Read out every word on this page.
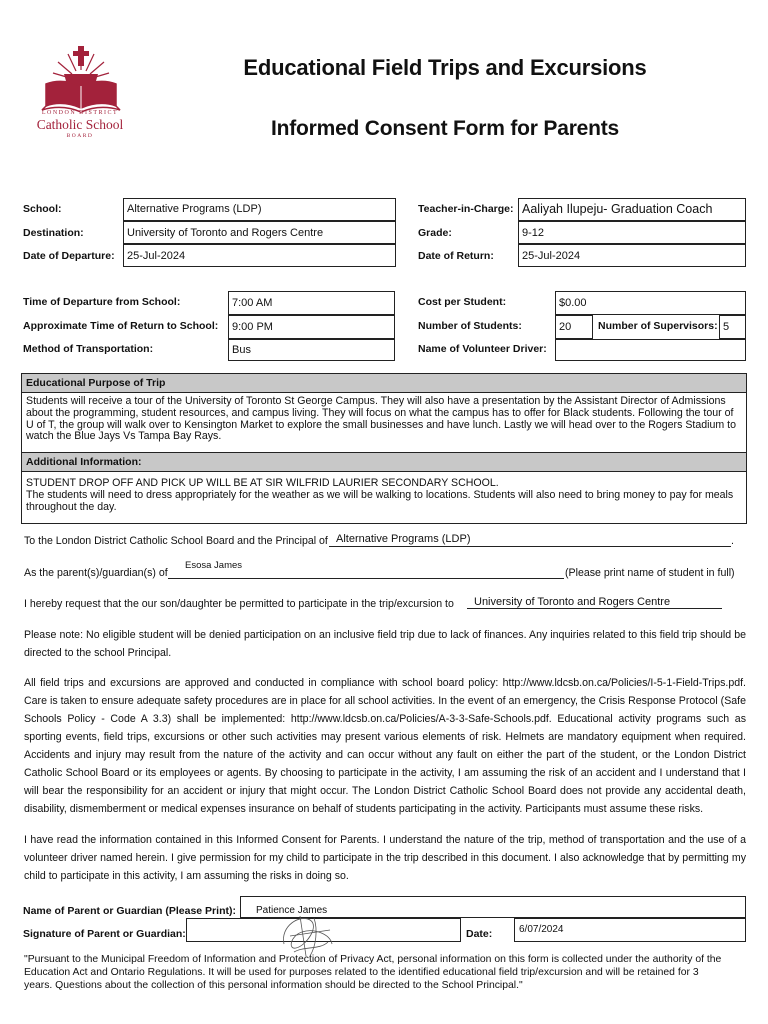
LONDON DISTRICT
Catholic School
BOARD
Educational Field Trips and Excursions
Informed Consent Form for Parents
School:	Alternative Programs (LDP)
Destination:	University of Toronto and Rogers Centre
Date of Departure: 25-Jul-2024
Teacher-in-Charge: Aaliyah Ilupeju- Graduation Coach
Grade:	9-12
Date of Return:	25-Jul-2024
Time of Departure from School:	7:00 AM
Approximate Time of Return to School: 9:00 PM
Method of Transportation:	Bus
Cost per Student:	$0.00
Number of Students:	20	Number of Supervisors: 5
Name of Volunteer Driver:
Educational Purpose of Trip
Students will receive a tour of the University of Toronto St George Campus. They will also have a presentation by the Assistant Director of Admissions about the programming, student resources, and campus living. They will focus on what the campus has to offer for Black students. Following the tour of U of T, the group will walk over to Kensington Market to explore the small businesses and have lunch. Lastly we will head over to the Rogers Stadium to watch the Blue Jays Vs Tampa Bay Rays.
Additional Information:
STUDENT DROP OFF AND PICK UP WILL BE AT SIR WILFRID LAURIER SECONDARY SCHOOL.
The students will need to dress appropriately for the weather as we will be walking to locations. Students will also need to bring money to pay for meals throughout the day.
To the London District Catholic School Board and the Principal of Alternative Programs (LDP)	.
As the parent(s)/guardian(s) of
Esosa James
(Please print name of student in full)
I hereby request that the our son/daughter be permitted to participate in the trip/excursion to University of Toronto and Rogers Centre
Please note: No eligible student will be denied participation on an inclusive field trip due to lack of finances. Any inquiries related to this field trip should be directed to the school Principal.
All field trips and excursions are approved and conducted in compliance with school board policy: http://www.ldcsb.on.ca/Policies/I-5-1-Field-Trips.pdf. Care is taken to ensure adequate safety procedures are in place for all school activities. In the event of an emergency, the Crisis Response Protocol (Safe Schools Policy - Code A 3.3) shall be implemented: http://www.ldcsb.on.ca/Policies/A-3-3-Safe-Schools.pdf. Educational activity programs such as sporting events, field trips, excursions or other such activities may present various elements of risk. Helmets are mandatory equipment when required. Accidents and injury may result from the nature of the activity and can occur without any fault on either the part of the student, or the London District Catholic School Board or its employees or agents. By choosing to participate in the activity, I am assuming the risk of an accident and I understand that I will bear the responsibility for an accident or injury that might occur. The London District Catholic School Board does not provide any accidental death, disability, dismemberment or medical expenses insurance on behalf of students participating in the activity. Participants must assume these risks.
I have read the information contained in this Informed Consent for Parents. I understand the nature of the trip, method of transportation and the use of a volunteer driver named herein. I give permission for my child to participate in the trip described in this document. I also acknowledge that by permitting my child to participate in this activity, I am assuming the risks in doing so.
Name of Parent or Guardian (Please Print): Patience James
Signature of Parent or Guardian:	Date:	6/07/2024
"Pursuant to the Municipal Freedom of Information and Protection of Privacy Act, personal information on this form is collected under the authority of the Education Act and Ontario Regulations. It will be used for purposes related to the identified educational field trip/excursion and will be retained for 3 years. Questions about the collection of this personal information should be directed to the School Principal."
